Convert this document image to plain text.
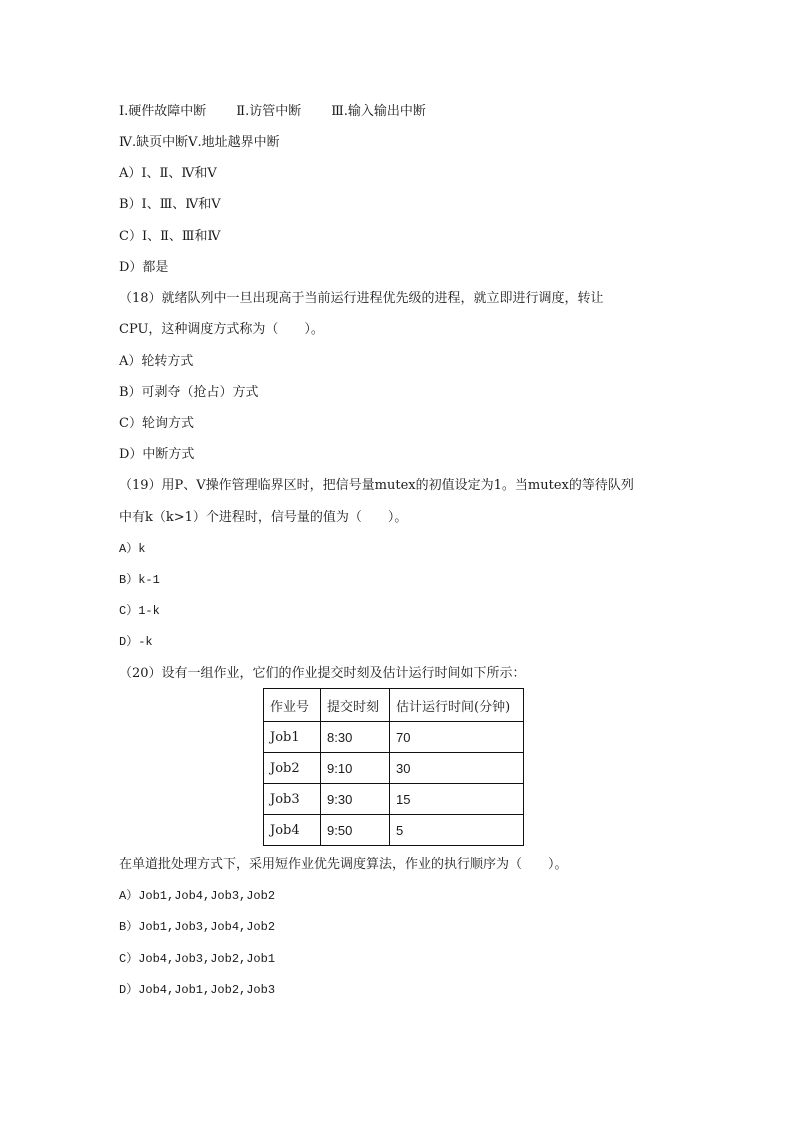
Ⅰ.硬件故障中断 Ⅱ.访管中断 Ⅲ.输入输出中断
Ⅳ.缺页中断Ⅴ.地址越界中断
A）Ⅰ、Ⅱ、Ⅳ和Ⅴ
B）Ⅰ、Ⅲ、Ⅳ和Ⅴ
C）Ⅰ、Ⅱ、Ⅲ和Ⅳ
D）都是
（18）就绪队列中一旦出现高于当前运行进程优先级的进程，就立即进行调度，转让
CPU，这种调度方式称为（　　）。
A）轮转方式
B）可剥夺（抢占）方式
C）轮询方式
D）中断方式
（19）用P、V操作管理临界区时，把信号量mutex的初值设定为1。当mutex的等待队列
中有k（k>1）个进程时，信号量的值为（　　）。
A）k
B）k-1
C）1-k
D）-k
（20）设有一组作业，它们的作业提交时刻及估计运行时间如下所示：
作业号	提交时刻	估计运行时间(分钟)
Job1	8:30	70
Job2	9:10	30
Job3	9:30	15
Job4	9:50	5
在单道批处理方式下，采用短作业优先调度算法，作业的执行顺序为（　　）。
A）Job1,Job4,Job3,Job2
B）Job1,Job3,Job4,Job2
C）Job4,Job3,Job2,Job1
D）Job4,Job1,Job2,Job3
